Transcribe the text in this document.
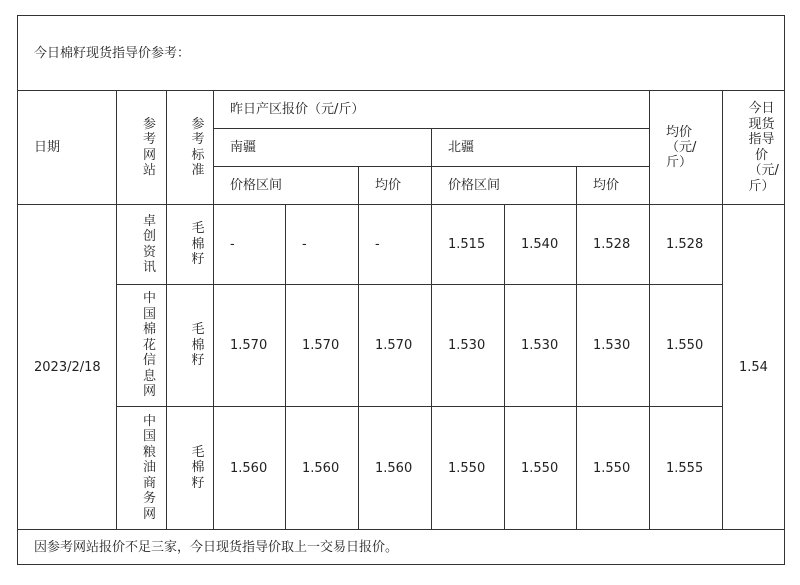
今日棉籽现货指导价参考：										
日期	参考网站	参考标准	昨日产区报价（元/斤）						均价（元/斤）	今日现货指导价（元/斤）
			南疆			北疆				
			价格区间		均价	价格区间		均价		
2023/2/18	卓创资讯	毛棉籽	-	-	-	1.515	1.540	1.528	1.528	1.54
	中国棉花信息网	毛棉籽	1.570	1.570	1.570	1.530	1.530	1.530	1.550	
	中国粮油商务网	毛棉籽	1.560	1.560	1.560	1.550	1.550	1.550	1.555	
因参考网站报价不足三家，今日现货指导价取上一交易日报价。										
